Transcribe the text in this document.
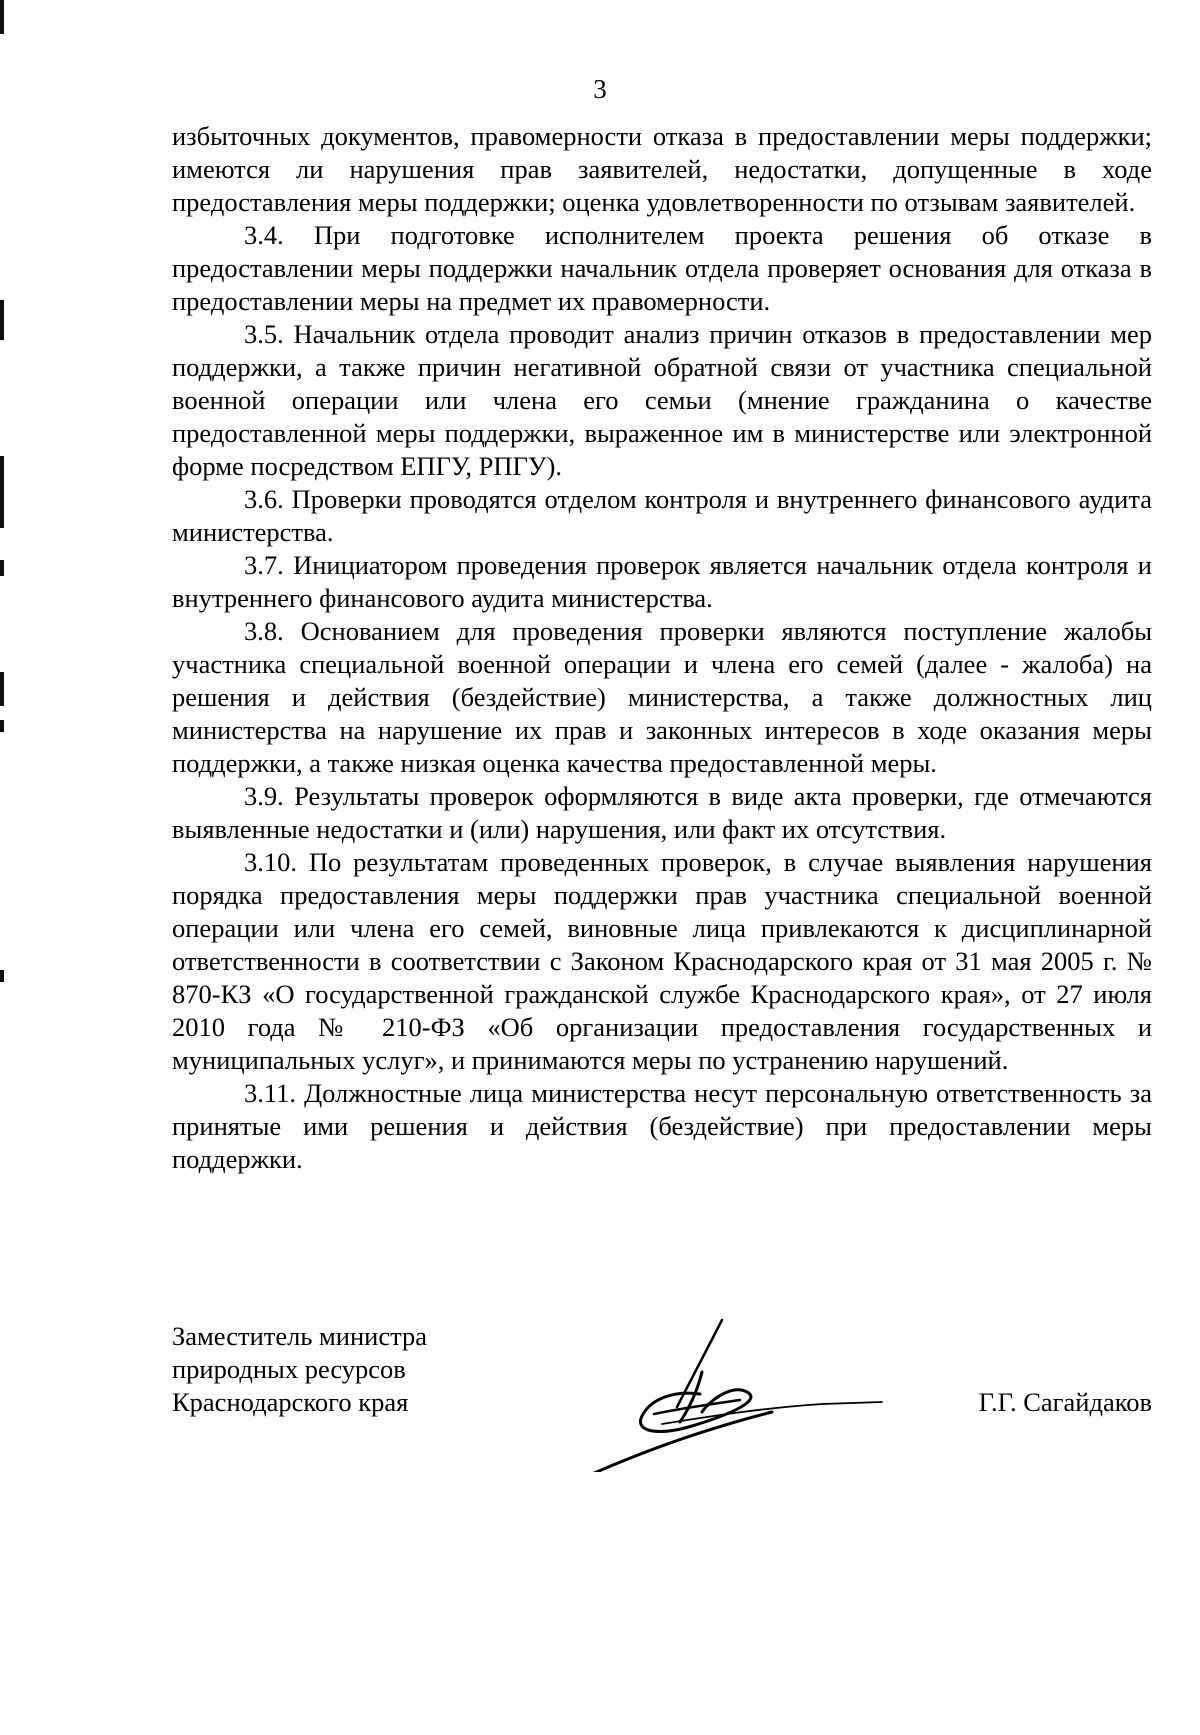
3

избыточных документов, правомерности отказа в предоставлении меры поддержки; имеются ли нарушения прав заявителей, недостатки, допущенные в ходе предоставления меры поддержки; оценка удовлетворенности по отзывам заявителей.

3.4. При подготовке исполнителем проекта решения об отказе в предоставлении меры поддержки начальник отдела проверяет основания для отказа в предоставлении меры на предмет их правомерности.

3.5. Начальник отдела проводит анализ причин отказов в предоставлении мер поддержки, а также причин негативной обратной связи от участника специальной военной операции или члена его семьи (мнение гражданина о качестве предоставленной меры поддержки, выраженное им в министерстве или электронной форме посредством ЕПГУ, РПГУ).

3.6. Проверки проводятся отделом контроля и внутреннего финансового аудита министерства.

3.7. Инициатором проведения проверок является начальник отдела контроля и внутреннего финансового аудита министерства.

3.8. Основанием для проведения проверки являются поступление жалобы участника специальной военной операции и члена его семей (далее - жалоба) на решения и действия (бездействие) министерства, а также должностных лиц министерства на нарушение их прав и законных интересов в ходе оказания меры поддержки, а также низкая оценка качества предоставленной меры.

3.9. Результаты проверок оформляются в виде акта проверки, где отмечаются выявленные недостатки и (или) нарушения, или факт их отсутствия.

3.10. По результатам проведенных проверок, в случае выявления нарушения порядка предоставления меры поддержки прав участника специальной военной операции или члена его семей, виновные лица привлекаются к дисциплинарной ответственности в соответствии с Законом Краснодарского края от 31 мая 2005 г. № 870-КЗ «О государственной гражданской службе Краснодарского края», от 27 июля 2010 года № 210-ФЗ «Об организации предоставления государственных и муниципальных услуг», и принимаются меры по устранению нарушений.

3.11. Должностные лица министерства несут персональную ответственность за принятые ими решения и действия (бездействие) при предоставлении меры поддержки.

Заместитель министра
природных ресурсов
Краснодарского края	Г.Г. Сагайдаков
